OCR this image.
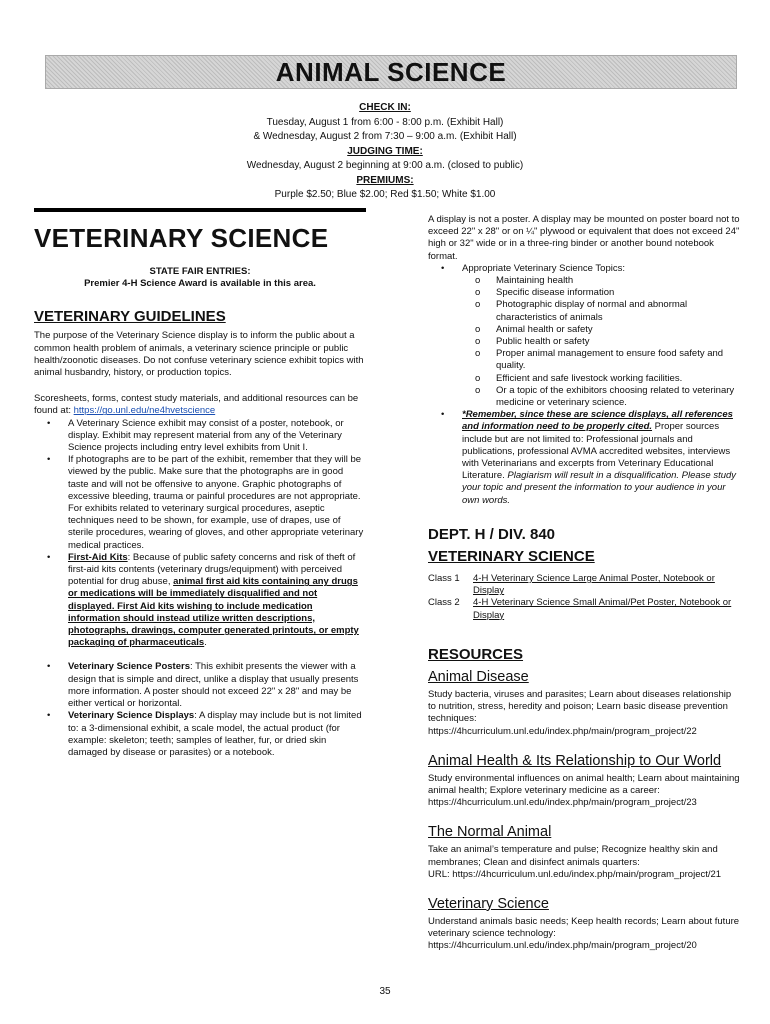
ANIMAL SCIENCE
CHECK IN:
Tuesday, August 1 from 6:00 - 8:00 p.m. (Exhibit Hall)
& Wednesday, August 2 from 7:30 – 9:00 a.m. (Exhibit Hall)
JUDGING TIME:
Wednesday, August 2 beginning at 9:00 a.m. (closed to public)
PREMIUMS:
Purple $2.50; Blue $2.00; Red $1.50; White $1.00
VETERINARY SCIENCE
STATE FAIR ENTRIES:
Premier 4-H Science Award is available in this area.
VETERINARY GUIDELINES

The purpose of the Veterinary Science display is to inform the public about a common health problem of animals, a veterinary science principle or public health/zoonotic diseases. Do not confuse veterinary science exhibit topics with animal husbandry, history, or production topics.

Scoresheets, forms, contest study materials, and additional resources can be found at: https://go.unl.edu/ne4hvetscience

• A Veterinary Science exhibit may consist of a poster, notebook, or display. Exhibit may represent material from any of the Veterinary Science projects including entry level exhibits from Unit I.
• If photographs are to be part of the exhibit, remember that they will be viewed by the public. Make sure that the photographs are in good taste and will not be offensive to anyone. Graphic photographs of excessive bleeding, trauma or painful procedures are not appropriate. For exhibits related to veterinary surgical procedures, aseptic techniques need to be shown, for example, use of drapes, use of sterile procedures, wearing of gloves, and other appropriate veterinary medical practices.
• First-Aid Kits: Because of public safety concerns and risk of theft of first-aid kits contents (veterinary drugs/equipment) with perceived potential for drug abuse, animal first aid kits containing any drugs or medications will be immediately disqualified and not displayed. First Aid kits wishing to include medication information should instead utilize written descriptions, photographs, drawings, computer generated printouts, or empty packaging of pharmaceuticals.
• Veterinary Science Posters: This exhibit presents the viewer with a design that is simple and direct, unlike a display that usually presents more information. A poster should not exceed 22" x 28" and may be either vertical or horizontal.
• Veterinary Science Displays: A display may include but is not limited to: a 3-dimensional exhibit, a scale model, the actual product (for example: skeleton; teeth; samples of leather, fur, or dried skin damaged by disease or parasites) or a notebook.

A display is not a poster. A display may be mounted on poster board not to exceed 22" x 28" or on ¼" plywood or equivalent that does not exceed 24" high or 32" wide or in a three-ring binder or another bound notebook format.

• Appropriate Veterinary Science Topics:
o Maintaining health
o Specific disease information
o Photographic display of normal and abnormal characteristics of animals
o Animal health or safety
o Public health or safety
o Proper animal management to ensure food safety and quality.
o Efficient and safe livestock working facilities.
o Or a topic of the exhibitors choosing related to veterinary medicine or veterinary science.
• *Remember, since these are science displays, all references and information need to be properly cited. Proper sources include but are not limited to: Professional journals and publications, professional AVMA accredited websites, interviews with Veterinarians and excerpts from Veterinary Educational Literature. Plagiarism will result in a disqualification. Please study your topic and present the information to your audience in your own words.
DEPT. H / DIV. 840
VETERINARY SCIENCE
Class 1	4-H Veterinary Science Large Animal Poster, Notebook or Display
Class 2	4-H Veterinary Science Small Animal/Pet Poster, Notebook or Display
RESOURCES
Animal Disease
Study bacteria, viruses and parasites; Learn about diseases relationship to nutrition, stress, heredity and poison; Learn basic disease prevention techniques:
https://4hcurriculum.unl.edu/index.php/main/program_project/22
Animal Health & Its Relationship to Our World
Study environmental influences on animal health; Learn about maintaining animal health; Explore veterinary medicine as a career:
https://4hcurriculum.unl.edu/index.php/main/program_project/23
The Normal Animal
Take an animal’s temperature and pulse; Recognize healthy skin and membranes; Clean and disinfect animals quarters:
URL: https://4hcurriculum.unl.edu/index.php/main/program_project/21
Veterinary Science
Understand animals basic needs; Keep health records; Learn about future veterinary science technology:
https://4hcurriculum.unl.edu/index.php/main/program_project/20
35
